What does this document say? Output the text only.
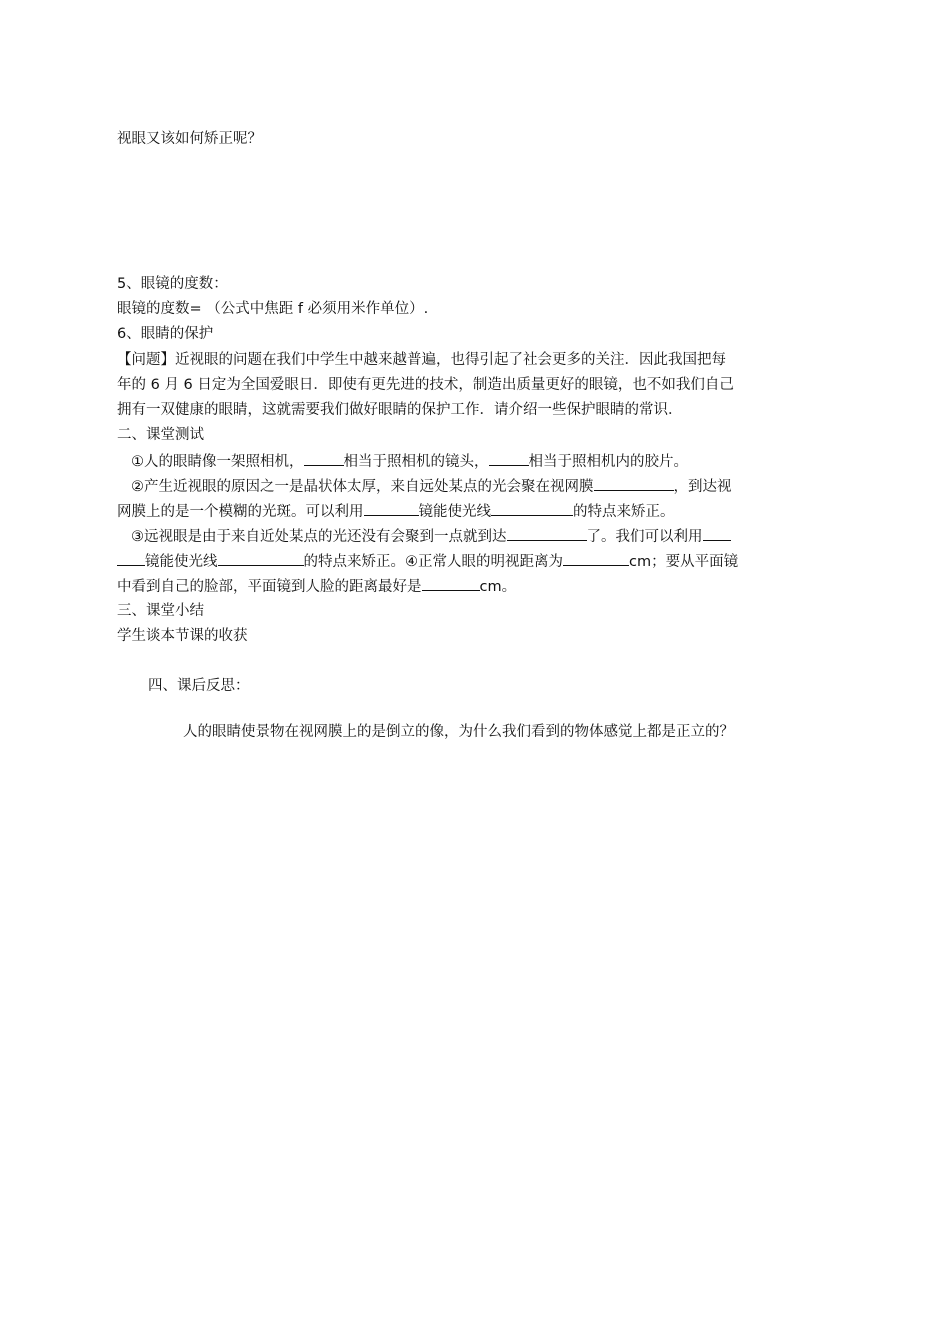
视眼又该如何矫正呢？
5、眼镜的度数：
眼镜的度数= （公式中焦距 f 必须用米作单位）.
6、眼睛的保护
【问题】近视眼的问题在我们中学生中越来越普遍，也得引起了社会更多的关注．因此我国把每
年的 6 月 6 日定为全国爱眼日．即使有更先进的技术，制造出质量更好的眼镜，也不如我们自己
拥有一双健康的眼睛，这就需要我们做好眼睛的保护工作．请介绍一些保护眼睛的常识．
二、课堂测试
①人的眼睛像一架照相机，	相当于照相机的镜头，	相当于照相机内的胶片。
②产生近视眼的原因之一是晶状体太厚，来自远处某点的光会聚在视网膜	，到达视
网膜上的是一个模糊的光斑。可以利用	镜能使光线	的特点来矫正。
③远视眼是由于来自近处某点的光还没有会聚到一点就到达	了。我们可以利用
镜能使光线	的特点来矫正。④正常人眼的明视距离为	cm；要从平面镜
中看到自己的脸部，平面镜到人脸的距离最好是	cm。
三、课堂小结
学生谈本节课的收获
四、课后反思：
人的眼睛使景物在视网膜上的是倒立的像，为什么我们看到的物体感觉上都是正立的？
